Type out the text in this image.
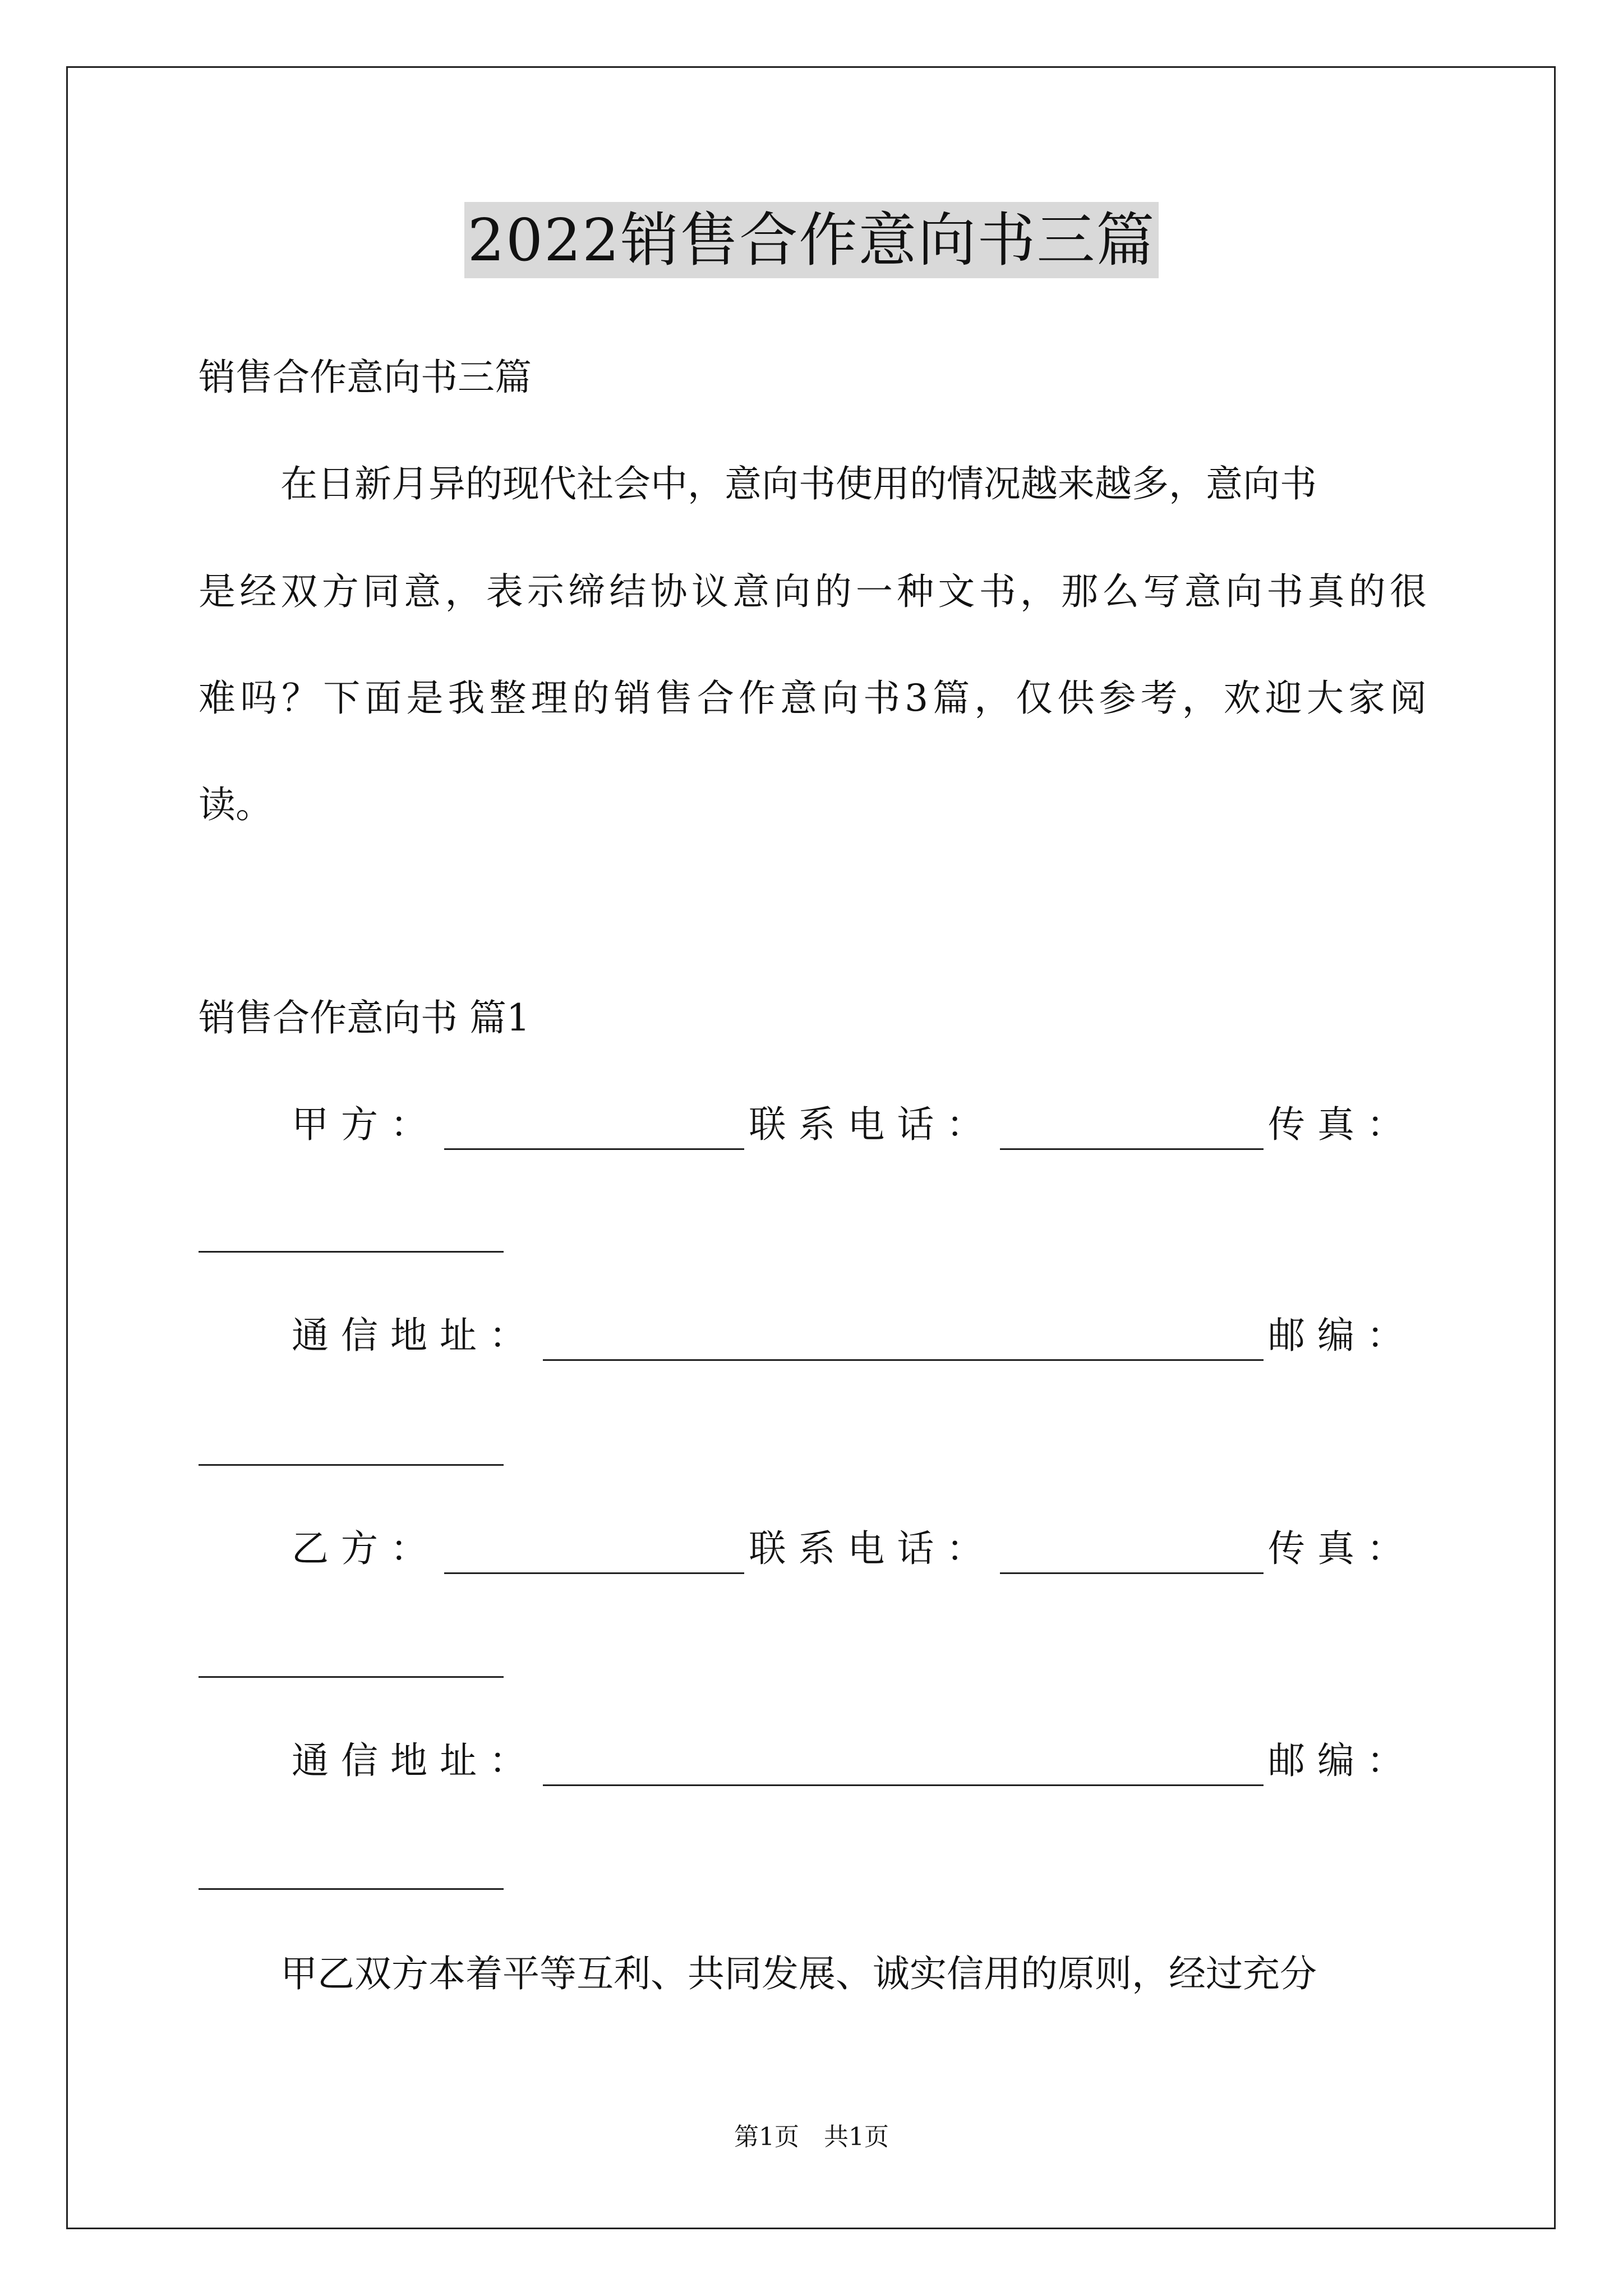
2022销售合作意向书三篇
销售合作意向书三篇
在日新月异的现代社会中，意向书使用的情况越来越多，意向书
是经双方同意，表示缔结协议意向的一种文书，那么写意向书真的很
难吗？下面是我整理的销售合作意向书3篇，仅供参考，欢迎大家阅
读。
销售合作意向书 篇1
甲方：	联系电话：	传真：
通信地址：	邮编：
乙方：	联系电话：	传真：
通信地址：	邮编：
甲乙双方本着平等互利、共同发展、诚实信用的原则，经过充分
第1页　共1页
